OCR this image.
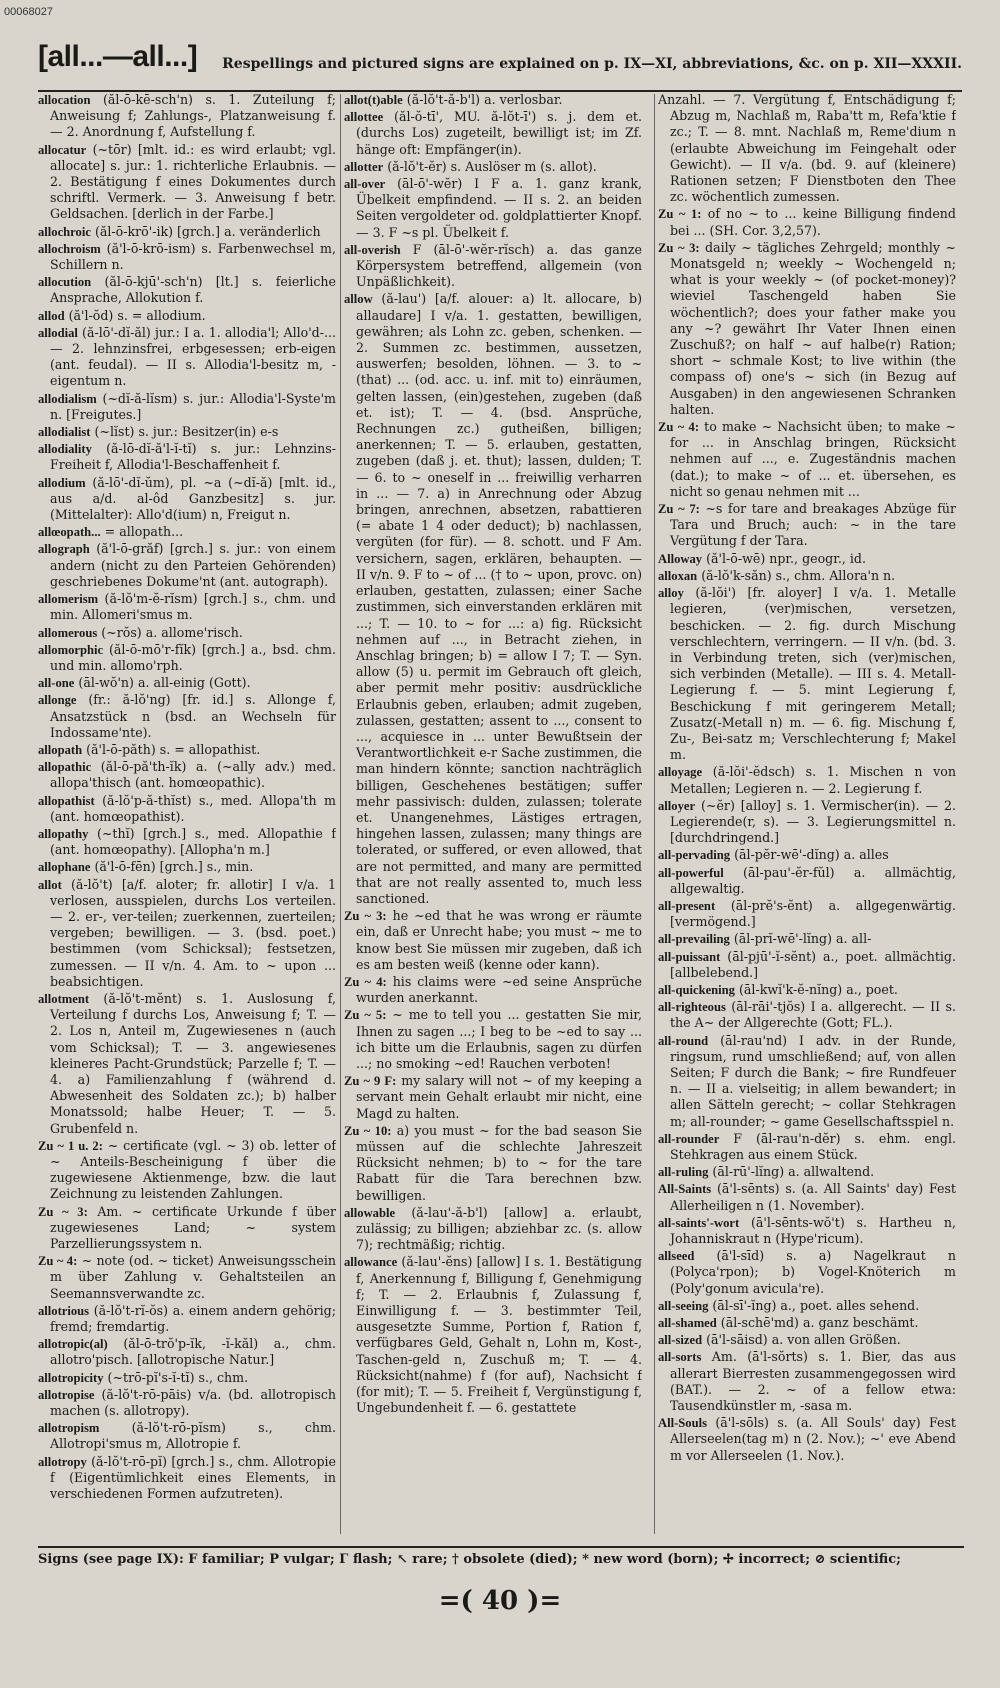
00068027
[all...—all...] Respellings and pictured signs are explained on p. IX—XI, abbreviations, &c. on p. XII—XXXII.
allocation (ăl-ō-kē-sch'n) s. 1. Zuteilung f; Anweisung f; Zahlungs-, Platzanweisung f. — 2. Anordnung f, Aufstellung f.
allocatur (~tōr) [mlt. id.: es wird erlaubt; vgl. allocate] s. jur.: 1. richterliche Erlaubnis. — 2. Bestätigung f eines Dokumentes durch schriftl. Vermerk. — 3. Anweisung f betr. Geldsachen. [derlich in der Farbe.]
allochroic (ăl-ō-krō'-ik) [grch.] a. veränderlich
allochroism (ă'l-ō-krō-ism) s. Farbenwechsel m, Schillern n.
allocution (ăl-ō-kjū'-sch'n) [lt.] s. feierliche Ansprache, Allokution f.
allod (ă'l-ŏd) s. = allodium.
allodial (ă-lō'-dĭ-ăl) jur.: I a. 1. allodia'l; Allo'd-... — 2. lehnzinsfrei, erbgesessen; erb-eigen (ant. feudal). — II s. Allodia'l-besitz m, -eigentum n.
allodialism (~dĭ-ă-lĭsm) s. jur.: Allodia'l-Syste'm n. [Freigutes.]
allodialist (~lĭst) s. jur.: Besitzer(in) e-s
allodiality (ă-lō-dĭ-ă'l-ĭ-tĭ) s. jur.: Lehnzins-Freiheit f, Allodia'l-Beschaffenheit f.
allodium (ă-lō'-dĭ-ŭm), pl. ~a (~dĭ-ă) [mlt. id., aus a/d. al-ôd Ganzbesitz] s. jur. (Mittelalter): Allo'd(ium) n, Freigut n.
allœopath... = allopath...
allograph (ă'l-ō-grăf) [grch.] s. jur.: von einem andern (nicht zu den Parteien Gehörenden) geschriebenes Dokume'nt (ant. autograph).
allomerism (ă-lŏ'm-ĕ-rĭsm) [grch.] s., chm. und min. Allomeri'smus m.
allomerous (~rŏs) a. allome'risch.
allomorphic (ăl-ō-mō'r-fĭk) [grch.] a., bsd. chm. und min. allomo'rph.
all-one (āl-wŏ'n) a. all-einig (Gott).
allonge (fr.: ă-lŏ'ng) [fr. id.] s. Allonge f, Ansatzstück n (bsd. an Wechseln für Indossame'nte).
allopath (ă'l-ō-păth) s. = allopathist.
allopathic (ăl-ō-pă'th-ĭk) a. (~ally adv.) med. allopa'thisch (ant. homœopathic).
allopathist (ă-lŏ'p-ă-thĭst) s., med. Allopa'th m (ant. homœopathist).
allopathy (~thĭ) [grch.] s., med. Allopathie f (ant. homœopathy). [Allopha'n m.]
allophane (ă'l-ō-fēn) [grch.] s., min.
allot (ă-lŏ't) [a/f. aloter; fr. allotir] I v/a. 1 verlosen, ausspielen, durchs Los verteilen. — 2. er-, ver-teilen; zuerkennen, zuerteilen; vergeben; bewilligen. — 3. (bsd. poet.) bestimmen (vom Schicksal); festsetzen, zumessen. — II v/n. 4. Am. to ~ upon ... beabsichtigen.
allotment (ă-lŏ't-mĕnt) s. 1. Auslosung f, Verteilung f durchs Los, Anweisung f; T. — 2. Los n, Anteil m, Zugewiesenes n (auch vom Schicksal); T. — 3. angewiesenes kleineres Pacht-Grundstück; Parzelle f; T. — 4. a) Familienzahlung f (während d. Abwesenheit des Soldaten zc.); b) halber Monatssold; halbe Heuer; T. — 5. Grubenfeld n.
Zu ~ 1 u. 2: ~ certificate (vgl. ~ 3) ob. letter of ~ Anteils-Bescheinigung f über die zugewiesene Aktienmenge, bzw. die laut Zeichnung zu leistenden Zahlungen.
Zu ~ 3: Am. ~ certificate Urkunde f über zugewiesenes Land; ~ system Parzellierungssystem n.
Zu ~ 4: ~ note (od. ~ ticket) Anweisungsschein m über Zahlung v. Gehaltsteilen an Seemannsverwandte zc.
allotrious (ă-lŏ't-rĭ-ŏs) a. einem andern gehörig; fremd; fremdartig.
allotropic(al) (ăl-ō-trŏ'p-ĭk, -ĭ-kăl) a., chm. allotro'pisch. [allotropische Natur.]
allotropicity (~trō-pĭ's-ĭ-tĭ) s., chm.
allotropise (ă-lŏ't-rō-pāis) v/a. (bd. allotropisch machen (s. allotropy).
allotropism	(ă-lŏ't-rō-pĭsm) s., chm. Allotropi'smus m, Allotropie f.
allotropy (ă-lŏ't-rō-pĭ) [grch.] s., chm. Allotropie f (Eigentümlichkeit eines Elements, in verschiedenen Formen aufzutreten).
allot(t)able (ă-lŏ't-ă-b'l) a. verlosbar.
allottee (ăl-ŏ-tī', MU. ă-lŏt-ī') s. j. dem et. (durchs Los) zugeteilt, bewilligt ist; im Zf. hänge oft: Empfänger(in).
allotter (ă-lŏ't-ĕr) s. Auslöser m (s. allot).
all-over (āl-ō'-wĕr) I F a. 1. ganz krank, Übelkeit empfindend. — II s. 2. an beiden Seiten vergoldeter od. goldplattierter Knopf. — 3. F ~s pl. Übelkeit f.
all-overish F (āl-ō'-wĕr-rĭsch) a. das ganze Körpersystem betreffend, allgemein (von Unpäßlichkeit).
allow (ă-lau') [a/f. alouer: a) lt. allocare, b) allaudare] I v/a. 1. gestatten, bewilligen, gewähren; als Lohn zc. geben, schenken. — 2. Summen zc. bestimmen, aussetzen, auswerfen; besolden, löhnen. — 3. to ~ (that) ... (od. acc. u. inf. mit to) einräumen, gelten lassen, (ein)gestehen, zugeben (daß et. ist); T. — 4. (bsd. Ansprüche, Rechnungen zc.) gutheißen, billigen; anerkennen; T. — 5. erlauben, gestatten, zugeben (daß j. et. thut); lassen, dulden; T. — 6. to ~ oneself in ... freiwillig verharren in ... — 7. a) in Anrechnung oder Abzug bringen, anrechnen, absetzen, rabattieren (= abate 1 4 oder deduct); b) nachlassen, vergüten (for für). — 8. schott. und F Am. versichern, sagen, erklären, behaupten. — II v/n. 9. F to ~ of ... († to ~ upon, provc. on) erlauben, gestatten, zulassen; einer Sache zustimmen, sich einverstanden erklären mit ...; T. — 10. to ~ for ...: a) fig. Rücksicht nehmen auf ..., in Betracht ziehen, in Anschlag bringen; b) = allow I 7; T. — Syn. allow (5) u. permit im Gebrauch oft gleich, aber permit mehr positiv: ausdrückliche Erlaubnis geben, erlauben; admit zugeben, zulassen, gestatten; assent to ..., consent to ..., acquiesce in ... unter Bewußtsein der Verantwortlichkeit e-r Sache zustimmen, die man hindern könnte; sanction nachträglich billigen, Geschehenes bestätigen; suffer mehr passivisch: dulden, zulassen; tolerate et. Unangenehmes, Lästiges ertragen, hingehen lassen, zulassen; many things are tolerated, or suffered, or even allowed, that are not permitted, and many are permitted that are not really assented to, much less sanctioned.
Zu ~ 3: he ~ed that he was wrong er räumte ein, daß er Unrecht habe; you must ~ me to know best Sie müssen mir zugeben, daß ich es am besten weiß (kenne oder kann).
Zu ~ 4: his claims were ~ed seine Ansprüche wurden anerkannt.
Zu ~ 5: ~ me to tell you ... gestatten Sie mir, Ihnen zu sagen ...; I beg to be ~ed to say ... ich bitte um die Erlaubnis, sagen zu dürfen ...; no smoking ~ed! Rauchen verboten!
Zu ~ 9 F: my salary will not ~ of my keeping a servant mein Gehalt erlaubt mir nicht, eine Magd zu halten.
Zu ~ 10: a) you must ~ for the bad season Sie müssen auf die schlechte Jahreszeit Rücksicht nehmen; b) to ~ for the tare Rabatt für die Tara berechnen bzw. bewilligen.
allowable (ă-lau'-ă-b'l) [allow] a. erlaubt, zulässig; zu billigen; abziehbar zc. (s. allow 7); rechtmäßig; richtig.
allowance (ă-lau'-ĕns) [allow] I s. 1. Bestätigung f, Anerkennung f, Billigung f, Genehmigung f; T. — 2. Erlaubnis f, Zulassung f, Einwilligung f. — 3. bestimmter Teil, ausgesetzte Summe, Portion f, Ration f, verfügbares Geld, Gehalt n, Lohn m, Kost-, Taschen-geld n, Zuschuß m; T. — 4. Rücksicht(nahme) f (for auf), Nachsicht f (for mit); T. — 5. Freiheit f, Vergünstigung f, Ungebundenheit f. — 6. gestattete
Anzahl. — 7. Vergütung f, Entschädigung f; Abzug m, Nachlaß m, Raba'tt m, Refa'ktie f zc.; T. — 8. mnt. Nachlaß m, Reme'dium n (erlaubte Abweichung im Feingehalt oder Gewicht). — II v/a. (bd. 9. auf (kleinere) Rationen setzen; F Dienstboten den Thee zc. wöchentlich zumessen.
Zu ~ 1: of no ~ to ... keine Billigung findend bei ... (SH. Cor. 3,2,57).
Zu ~ 3: daily ~ tägliches Zehrgeld; monthly ~ Monatsgeld n; weekly ~ Wochengeld n; what is your weekly ~ (of pocket-money)? wieviel Taschengeld haben Sie wöchentlich?; does your father make you any ~? gewährt Ihr Vater Ihnen einen Zuschuß?; on half ~ auf halbe(r) Ration; short ~ schmale Kost; to live within (the compass of) one's ~ sich (in Bezug auf Ausgaben) in den angewiesenen Schranken halten.
Zu ~ 4: to make ~ Nachsicht üben; to make ~ for ... in Anschlag bringen, Rücksicht nehmen auf ..., e. Zugeständnis machen (dat.); to make ~ of ... et. übersehen, es nicht so genau nehmen mit ...
Zu ~ 7: ~s for tare and breakages Abzüge für Tara und Bruch; auch: ~ in the tare Vergütung f der Tara.
Alloway (ă'l-ō-wē) npr., geogr., id.
alloxan (ă-lŏ'k-săn) s., chm. Allora'n n.
alloy (ă-lŏi') [fr. aloyer] I v/a. 1. Metalle legieren, (ver)mischen, versetzen, beschicken. — 2. fig. durch Mischung verschlechtern, verringern. — II v/n. (bd. 3. in Verbindung treten, sich (ver)mischen, sich verbinden (Metalle). — III s. 4. Metall-Legierung f. — 5. mint Legierung f, Beschickung f mit geringerem Metall; Zusatz(-Metall n) m. — 6. fig. Mischung f, Zu-, Bei-satz m; Verschlechterung f; Makel m.
alloyage (ă-lŏi'-ĕdsch) s. 1. Mischen n von Metallen; Legieren n. — 2. Legierung f.
alloyer (~ĕr) [alloy] s. 1. Vermischer(in). — 2. Legierende(r, s). — 3. Legierungsmittel n. [durchdringend.]
all-pervading (āl-pĕr-wē'-dĭng) a. alles
all-powerful (āl-pau'-ĕr-fŭl) a. allmächtig, allgewaltig.
all-present (āl-prĕ's-ĕnt) a. allgegenwärtig. [vermögend.]
all-prevailing (āl-prĭ-wē'-lĭng) a. all-
all-puissant (āl-pjū'-ĭ-sĕnt) a., poet. allmächtig. [allbelebend.]
all-quickening (āl-kwĭ'k-ĕ-nĭng) a., poet.
all-righteous (āl-rāi'-tjŏs) I a. allgerecht. — II s. the A~ der Allgerechte (Gott; FL.).
all-round (āl-rau'nd) I adv. in der Runde, ringsum, rund umschließend; auf, von allen Seiten; F durch die Bank; ~ fire Rundfeuer n. — II a. vielseitig; in allem bewandert; in allen Sätteln gerecht; ~ collar Stehkragen m; all-rounder; ~ game Gesellschaftsspiel n.
all-rounder F (āl-rau'n-dĕr) s. ehm. engl. Stehkragen aus einem Stück.
all-ruling (āl-rū'-lĭng) a. allwaltend.
All-Saints (ā'l-sēnts) s. (a. All Saints' day) Fest Allerheiligen n (1. November).
all-saints'-wort (ā'l-sēnts-wŏ't) s. Hartheu n, Johanniskraut n (Hype'ricum).
allseed (ā'l-sīd) s. a) Nagelkraut n (Polyca'rpon); b) Vogel-Knöterich m (Poly'gonum avicula're).
all-seeing (āl-sī'-ĭng) a., poet. alles sehend.
all-shamed (āl-schē'md) a. ganz beschämt.
all-sized (ā'l-sāisd) a. von allen Größen.
all-sorts Am. (ā'l-sŏrts) s. 1. Bier, das aus allerart Bierresten zusammengegossen wird (BAT.). — 2. ~ of a fellow etwa: Tausendkünstler m, -sasa m.
All-Souls (ā'l-sōls) s. (a. All Souls' day) Fest Allerseelen(tag m) n (2. Nov.); ~' eve Abend m vor Allerseelen (1. Nov.).
Signs (see page IX): F familiar; P vulgar; Γ flash; ↖ rare; † obsolete (died); * new word (born); ✢ incorrect; ⊘ scientific;
=( 40 )=
